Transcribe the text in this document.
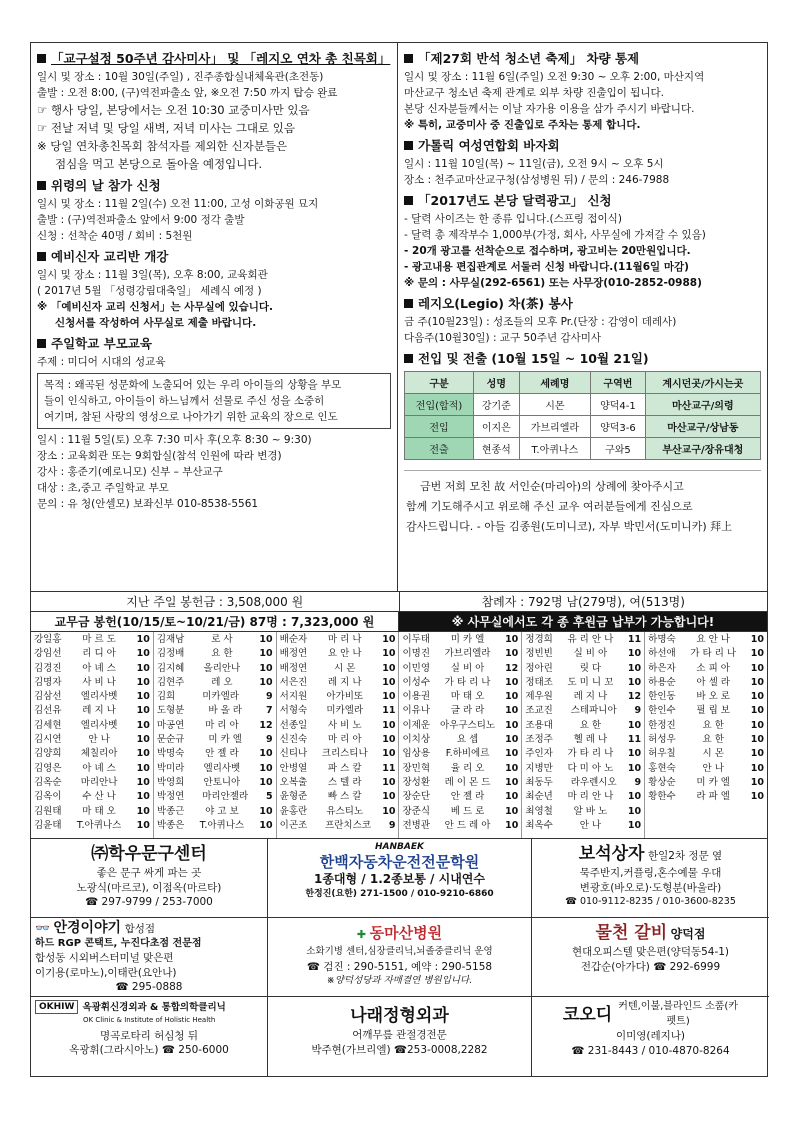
「교구설정 50주년 감사미사」 및 「레지오 연차 총 친목회」
일시 및 장소 : 10월 30일(주일) , 진주종합실내체육관(초전동)
출발 : 오전 8:00, (구)역전파출소 앞, ※오전 7:50 까지 탑승 완료
☞ 행사 당일, 본당에서는 오전 10:30 교중미사만 있음
☞ 전날 저녁 및 당일 새벽, 저녁 미사는 그대로 있음
※ 당일 연차총친목회 참석자를 제외한 신자분들은
점심을 먹고 본당으로 돌아올 예정입니다.
위령의 날 참가 신청
일시 및 장소 : 11월 2일(수) 오전 11:00, 고성 이화공원 묘지
출발 : (구)역전파출소 앞에서 9:00 정각 출발
신청 : 선착순 40명 / 회비 : 5천원
예비신자 교리반 개강
일시 및 장소 : 11월 3일(목), 오후 8:00, 교육회관
( 2017년 5월 「성령강림대축일」 세례식 예정 )
※ 「예비신자 교리 신청서」는 사무실에 있습니다.
신청서를 작성하여 사무실로 제출 바랍니다.
주일학교 부모교육
주제 : 미디어 시대의 성교육
목적 : 왜곡된 성문화에 노출되어 있는 우리 아이들의 상황을 부모
들이 인식하고, 아이들이 하느님께서 선물로 주신 성을 소중히
여기며, 참된 사랑의 영성으로 나아가기 위한 교육의 장으로 인도
일시 : 11월 5일(토) 오후 7:30 미사 후(오후 8:30 ~ 9:30)
장소 : 교육회관 또는 9회합실(참석 인원에 따라 변경)
강사 : 홍준기(예로니모) 신부 – 부산교구
대상 : 초,중고 주일학교 부모
문의 : 유 청(안셀모) 보좌신부 010-8538-5561
「제27회 반석 청소년 축제」 차량 통제
일시 및 장소 : 11월 6일(주일) 오전 9:30 ~ 오후 2:00, 마산지역
마산교구 청소년 축제 관계로 외부 차량 진출입이 됩니다.
본당 신자분들께서는 이날 자가용 이용을 삼가 주시기 바랍니다.
※ 특히, 교중미사 중 진출입로 주차는 통제 합니다.
가톨릭 여성연합회 바자회
일시 : 11월 10일(목) ~ 11일(금), 오전 9시 ~ 오후 5시
장소 : 천주교마산교구청(삼성병원 뒤) / 문의 : 246-7988
「2017년도 본당 달력광고」 신청
- 달력 사이즈는 한 종류 입니다.(스프링 접이식)
- 달력 총 제작부수 1,000부(가정, 회사, 사무실에 가져갈 수 있음)
- 20개 광고를 선착순으로 접수하며, 광고비는 20만원입니다.
- 광고내용 편집관계로 서둘러 신청 바랍니다.(11월6일 마감)
※ 문의 : 사무실(292-6561) 또는 사무장(010-2852-0988)
레지오(Legio) 차(茶) 봉사
금 주(10월23일) : 성조들의 모후 Pr.(단장 : 감영이 데레사)
다음주(10월30일) : 교구 50주년 감사미사
전입 및 전출 (10월 15일 ~ 10월 21일)
구분	성명	세례명	구역번	계시던곳/가시는곳
전입(합적)	강기준	시몬	양덕4-1	마산교구/의령
전입	이지은	가브리엘라	양덕3-6	마산교구/상남동
전출	현종석	T.아퀴나스	구와5	부산교구/장유대청
금번 저희 모친 故 서인순(마리아)의 상례에 찾아주시고
함께 기도해주시고 위로해 주신 교우 여러분들에게 진심으로
감사드립니다. - 아들 김종원(도미니코), 자부 박민서(도미니카) 拜上
지난 주일 봉헌금 : 3,508,000 원	참례자 : 792명 남(279명), 여(513명)
교무금 봉헌(10/15/토~10/21/금) 87명 : 7,323,000 원	※ 사무실에서도 각 종 후원금 납부가 가능합니다!
강일홍 마 르 도 10
강임선 리 디 아 10
김경진 아 녜 스 10
김명자 사 비 나 10
김삼선 엘리사벳 10
김선유 레 지 나 10
김세현 엘리사벳 10
김시연	안 나	10
김양희 체칠리아 10
김영은 아 녜 스 10
김옥순 마리안나 10
김옥이 수 산 나 10
김원태 마 태 오 10
김윤태 T.아퀴나스 10
김재남	로 사	10
김정배	요 한	10
김지혜 올리안나 10
김현주	레 오	10
김희	미카엘라	9
도형분	바 올 라	7
마공연 마 리 아 12
문순규	미 카 엘	9
박명숙 안 젤 라 10
박미라 엘리사벳 10
박영희 안토니아 10
박정연 마리안젤라 5
박종근 야 고 보 10
박종은 T.아퀴나스 10
배순자 마 리 나 10
배정연 요 안 나 10
배정연	시 몬	10
서은진 레 지 나 10
서지원 아가비또 10
서형숙 미카엘라 11
선종일 사 비 노 10
신진숙 마 리 아 10
신티나 크리스티나 10
안병열 파 스 칼 11
오복출 스 텔 라 10
윤형준 빠 스 칼 10
윤홍란 유스티노 10
이곤조 프란치스코 9
이두태 미 카 엘 10
이명진 가브리엘라 10
이민영 실 비 아 12
이성수 가 타 리 나 10
이용권 마 태 오 10
이유나 글 라 라 10
이제운 아우구스티노 10
이치상	요 셉	10
임상용 F.하비에르 10
장민혁 율 리 오 10
장성환 레 이 몬 드 10
장순단 안 젤 라 10
장준식 베 드 로 10
전병관 안 드 레 아 10
정경희 유 리 안 나 11
정빈빈 실 비 아 10
정아린	릿 다	10
정태조 도 미 니 꼬 10
제우원 레 지 나 12
조교진 스테파니아 9
조용대	요 한	10
조정주 헬 레 나 11
주인자 가 타 리 나 10
지병만 다 미 아 노 10
최동두 라우렌시오 9
최순년 마 리 안 나 10
최영철 알 바 노 10
최옥수	안 나	10
하명숙 요 안 나 10
하선애 가 타 리 나 10
하은자 소 피 아 10
하용순 아 셀 라 10
한인동 바 오 로 10
한인수 필 립 보 10
한정진	요 한	10
허성우	요 한	10
허우칠	시 몬	10
홍현숙	안 나	10
황상순 미 카 엘 10
황한수 라 파 엘 10
㈜학우문구센터
좋은 문구 싸게 파는 곳
노광식(마르코), 이점옥(마르타)
☎ 297-9799 / 253-7000
HANBAEK
한백자동차운전전문학원
1종대형 / 1.2종보통 / 시내연수
한정진(요한) 271-1500 / 010-9210-6860
보석상자 한일2차 정문 옆
묵주반지,커플링,혼수예물 우대
변광호(바오로)·도형분(바울라)
☎ 010-9112-8235 / 010-3600-8235
👓 안경이야기 합성점
하드 RGP 콘택트, 누진다초점 전문점
합성동 시외버스터미널 맞은편
이기용(로마노),이태란(요안나)
☎ 295-0888
✚ 동마산병원
소화기병 센터,심장클리닉,뇌졸중클리닉 운영
☎ 검진 : 290-5151, 예약 : 290-5158
※양덕성당과 자매결연 병원입니다.
물천 갈비 양덕점
현대오피스텔 맞은편(양덕동54-1)
전갑순(아가다) ☎ 292-6999
OKHIW 옥광휘신경외과 & 통합의학클리닉
OK Clinic & Institute of Holistic Health
명곡로타리 허심청 뒤
옥광휘(그라시아노) ☎ 250-6000
나래정형외과
어깨무릎 관절경전문
박주현(가브리엘) ☎253-0008,2282
코오디 커텐,이불,블라인드 소품(카펫트)
이미영(레지나)
☎ 231-8443 / 010-4870-8264
